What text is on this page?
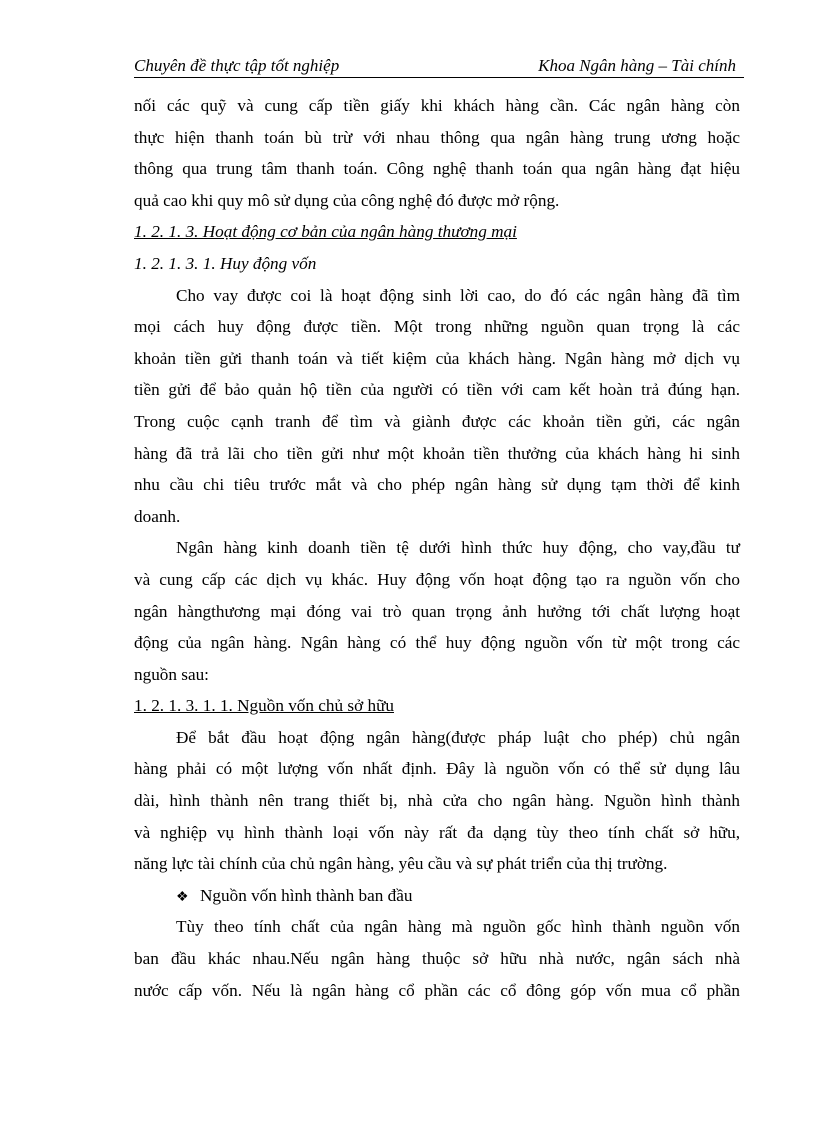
Chuyên đề thực tập tốt nghiệp	Khoa Ngân hàng – Tài chính
nối các quỹ và cung cấp tiền giấy khi khách hàng cần. Các ngân hàng còn
thực hiện thanh toán bù trừ với nhau thông qua ngân hàng trung ương hoặc
thông qua trung tâm thanh toán. Công nghệ thanh toán qua ngân hàng đạt hiệu
quả cao khi quy mô sử dụng của công nghệ đó được mở rộng.
1. 2. 1. 3. Hoạt động cơ bản của ngân hàng thương mại
1. 2. 1. 3. 1. Huy động vốn
Cho vay được coi là hoạt động sinh lời cao, do đó các ngân hàng đã tìm
mọi cách huy động được tiền. Một trong những nguồn quan trọng là các
khoản tiền gửi thanh toán và tiết kiệm của khách hàng. Ngân hàng mở dịch vụ
tiền gửi để bảo quản hộ tiền của người có tiền với cam kết hoàn trả đúng hạn.
Trong cuộc cạnh tranh để tìm và giành được các khoản tiền gửi, các ngân
hàng đã trả lãi cho tiền gửi như một khoản tiền thưởng của khách hàng hi sinh
nhu cầu chi tiêu trước mắt và cho phép ngân hàng sử dụng tạm thời để kinh
doanh.
Ngân hàng kinh doanh tiền tệ dưới hình thức huy động, cho vay,đầu tư
và cung cấp các dịch vụ khác. Huy động vốn hoạt động tạo ra nguồn vốn cho
ngân hàngthương mại đóng vai trò quan trọng ảnh hưởng tới chất lượng hoạt
động của ngân hàng. Ngân hàng có thể huy động nguồn vốn từ một trong các
nguồn sau:
1. 2. 1. 3. 1. 1. Nguồn vốn chủ sở hữu
Để bắt đầu hoạt động ngân hàng(được pháp luật cho phép) chủ ngân
hàng phải có một lượng vốn nhất định. Đây là nguồn vốn có thể sử dụng lâu
dài, hình thành nên trang thiết bị, nhà cửa cho ngân hàng. Nguồn hình thành
và nghiệp vụ hình thành loại vốn này rất đa dạng tùy theo tính chất sở hữu,
năng lực tài chính của chủ ngân hàng, yêu cầu và sự phát triển của thị trường.
❖ Nguồn vốn hình thành ban đầu
Tùy theo tính chất của ngân hàng mà nguồn gốc hình thành nguồn vốn
ban đầu khác nhau.Nếu ngân hàng thuộc sở hữu nhà nước, ngân sách nhà
nước cấp vốn. Nếu là ngân hàng cổ phần các cổ đông góp vốn mua cổ phần
